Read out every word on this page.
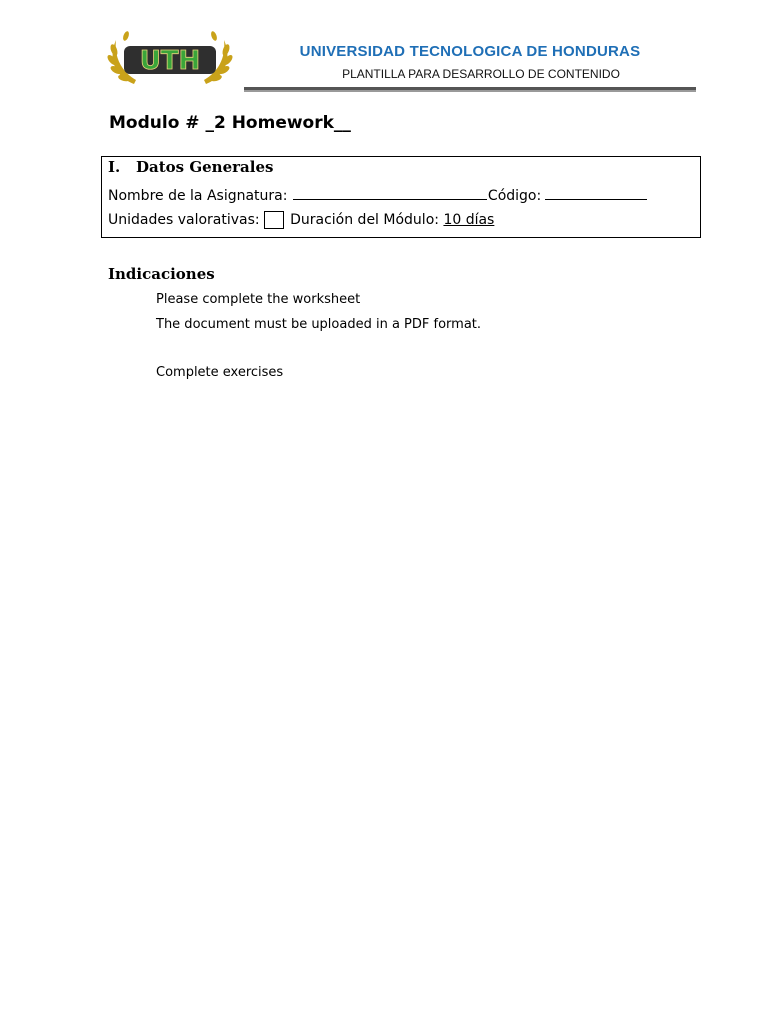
UTH	UNIVERSIDAD TECNOLOGICA DE HONDURAS
PLANTILLA PARA DESARROLLO DE CONTENIDO
Modulo # _2 Homework__
I. Datos Generales
Nombre de la Asignatura:	Código:
Unidades valorativas: Duración del Módulo: 10 días
Indicaciones
Please complete the worksheet
The document must be uploaded in a PDF format.
Complete exercises
